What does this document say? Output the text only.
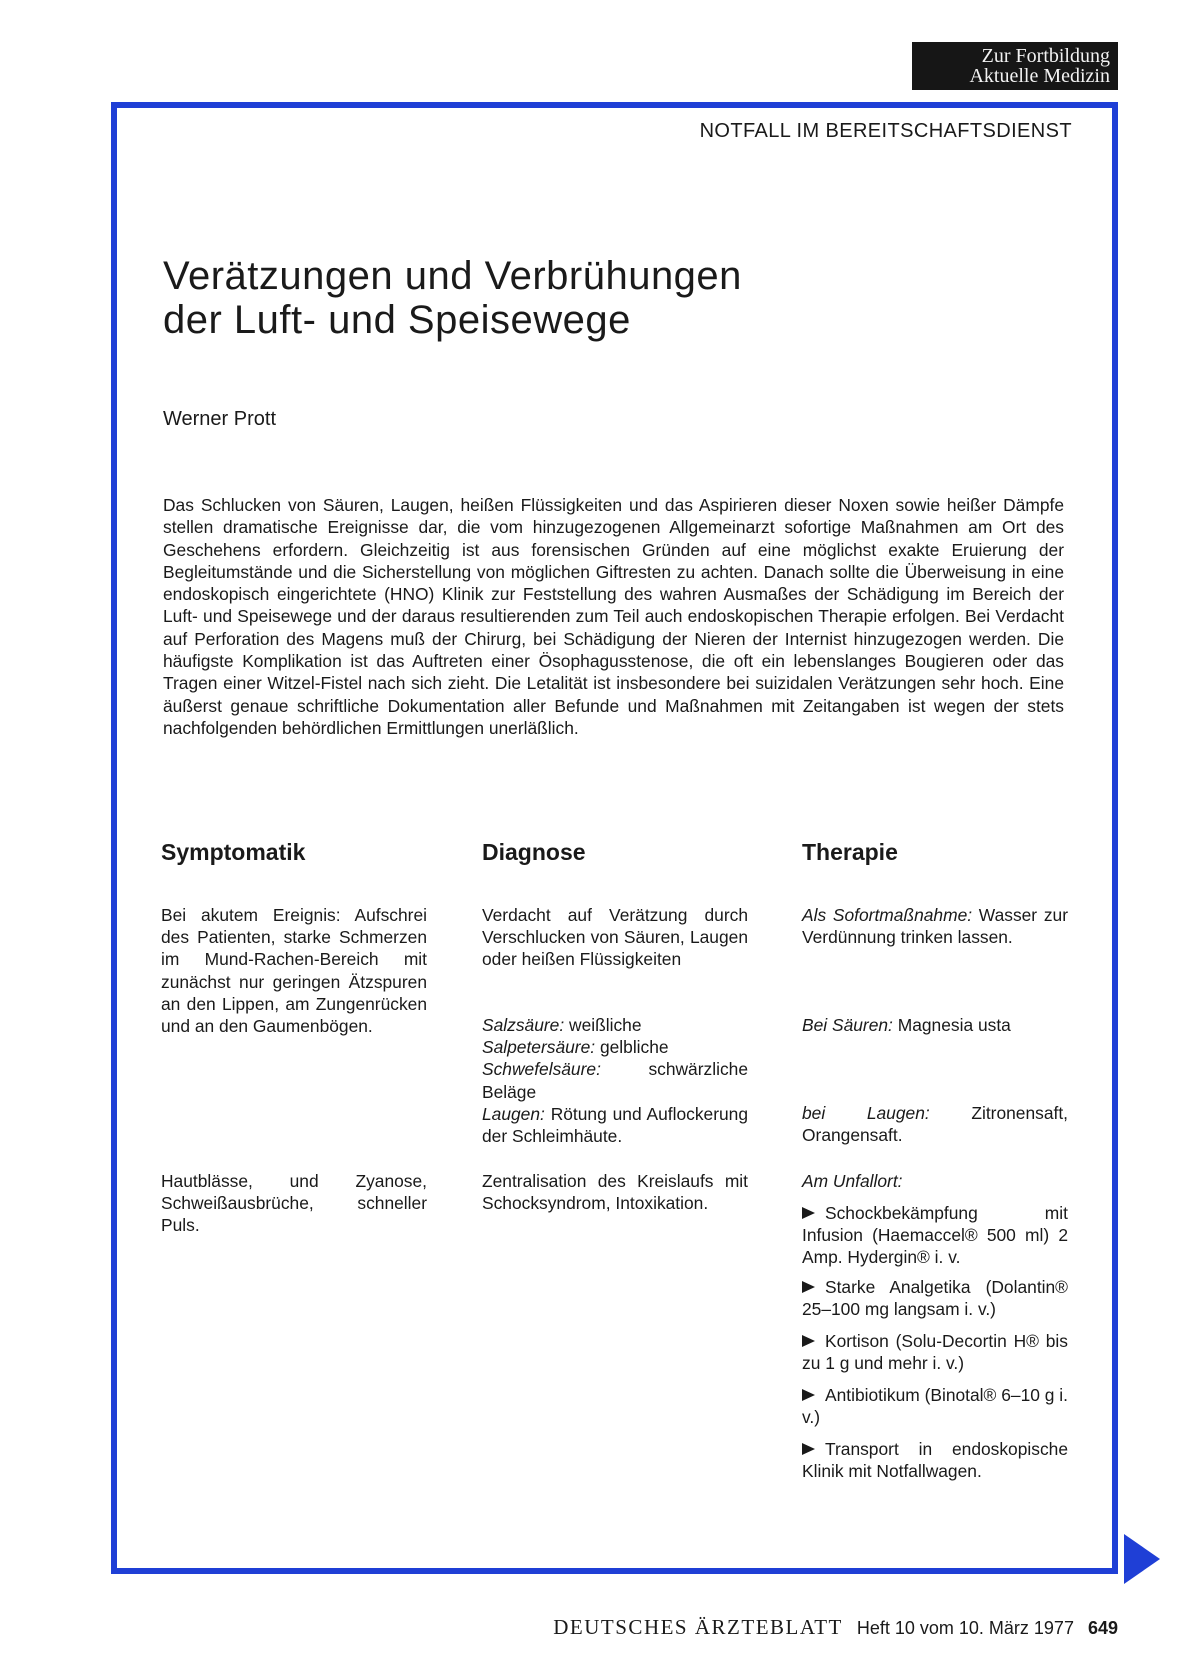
Zur Fortbildung
Aktuelle Medizin
NOTFALL IM BEREITSCHAFTSDIENST
Verätzungen und Verbrühungen
der Luft- und Speisewege
Werner Prott

Das Schlucken von Säuren, Laugen, heißen Flüssigkeiten und das Aspirieren dieser Noxen sowie heißer Dämpfe stellen dramatische Ereignisse dar, die vom hinzugezogenen Allgemeinarzt sofortige Maßnahmen am Ort des Geschehens erfordern. Gleichzeitig ist aus forensischen Gründen auf eine möglichst exakte Eruierung der Begleitumstände und die Sicherstellung von möglichen Giftresten zu achten. Danach sollte die Überweisung in eine endoskopisch eingerichtete (HNO) Klinik zur Feststellung des wahren Ausmaßes der Schädigung im Bereich der Luft- und Speisewege und der daraus resultierenden zum Teil auch endoskopischen Therapie erfolgen. Bei Verdacht auf Perforation des Magens muß der Chirurg, bei Schädigung der Nieren der Internist hinzugezogen werden. Die häufigste Komplikation ist das Auftreten einer Ösophagusstenose, die oft ein lebenslanges Bougieren oder das Tragen einer Witzel-Fistel nach sich zieht. Die Letalität ist insbesondere bei suizidalen Verätzungen sehr hoch. Eine äußerst genaue schriftliche Dokumentation aller Befunde und Maßnahmen mit Zeitangaben ist wegen der stets nachfolgenden behördlichen Ermittlungen unerläßlich.

Symptomatik

Bei akutem Ereignis: Aufschrei des Patienten, starke Schmerzen im Mund-Rachen-Bereich mit zunächst nur geringen Ätzspuren an den Lippen, am Zungenrücken und an den Gaumenbögen.

Hautblässe, und Zyanose, Schweißausbrüche, schneller Puls.

Diagnose

Verdacht auf Verätzung durch Verschlucken von Säuren, Laugen oder heißen Flüssigkeiten

Salzsäure: weißliche
Salpetersäure: gelbliche
Schwefelsäure: schwärzliche Beläge
Laugen: Rötung und Auflockerung der Schleimhäute.

Zentralisation des Kreislaufs mit Schocksyndrom, Intoxikation.

Therapie

Als Sofortmaßnahme: Wasser zur Verdünnung trinken lassen.

Bei Säuren: Magnesia usta

bei Laugen: Zitronensaft, Orangensaft.

Am Unfallort:

Schockbekämpfung mit Infusion (Haemaccel® 500 ml) 2 Amp. Hydergin® i. v.

Starke Analgetika (Dolantin® 25–100 mg langsam i. v.)

Kortison (Solu-Decortin H® bis zu 1 g und mehr i. v.)

Antibiotikum (Binotal® 6–10 g i. v.)

Transport in endoskopische Klinik mit Notfallwagen.

DEUTSCHES ÄRZTEBLATT Heft 10 vom 10. März 1977 649
